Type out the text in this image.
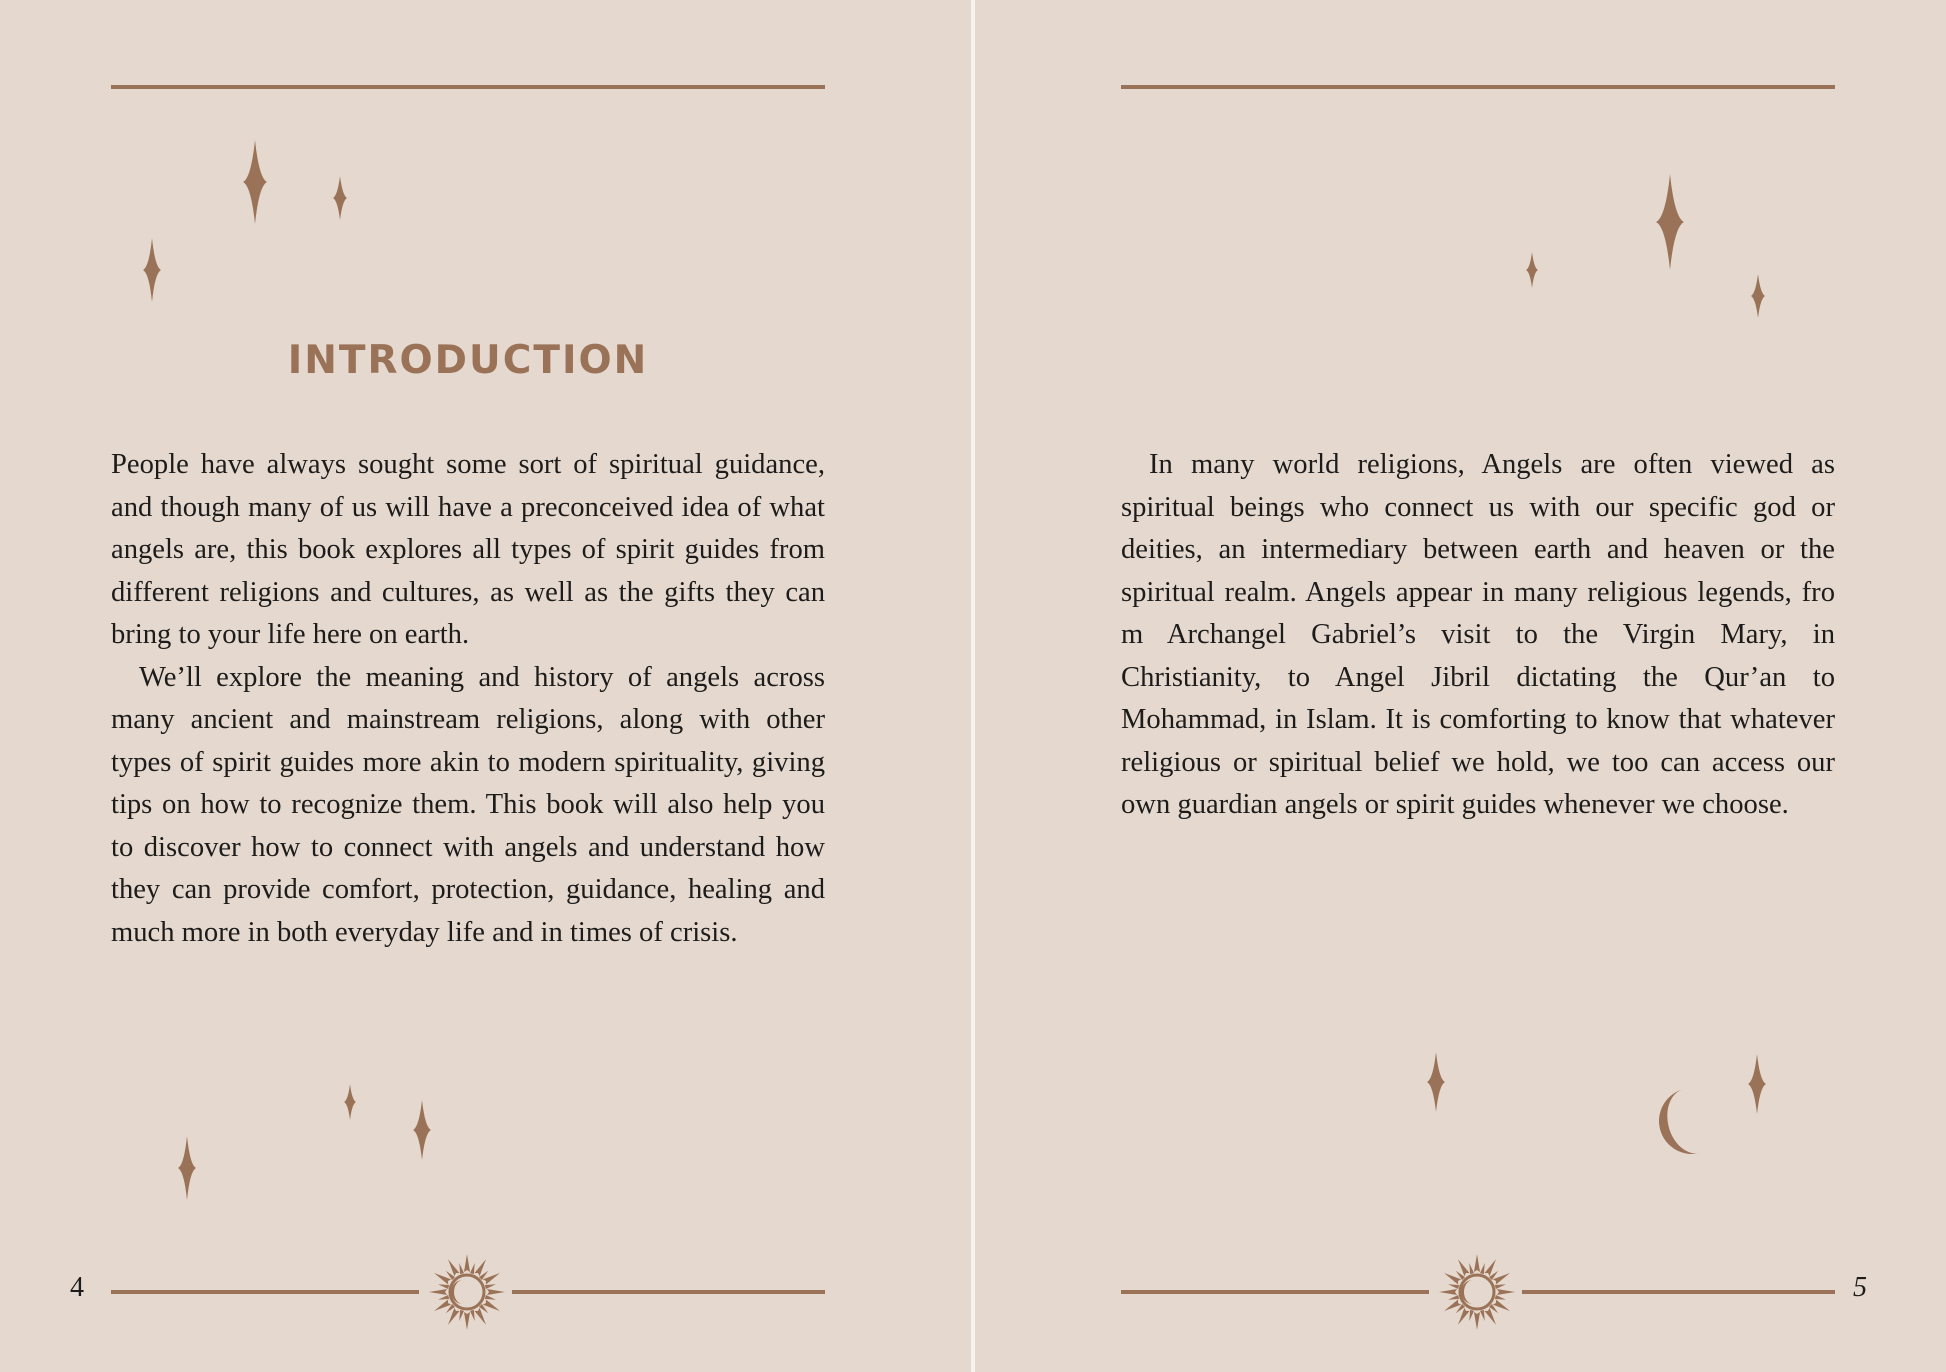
INTRODUCTION

People have always sought some sort of spiritual guidance, and though many of us will have a preconceived idea of what angels are, this book explores all types of spirit guides from different religions and cultures, as well as the gifts they can bring to your life here on earth.

We’ll explore the meaning and history of angels across many ancient and mainstream religions, along with other types of spirit guides more akin to modern spirituality, giving tips on how to recognize them. This book will also help you to discover how to connect with angels and understand how they can provide comfort, protection, guidance, healing and much more in both everyday life and in times of crisis.

4

In many world religions, Angels are often viewed as spiritual beings who connect us with our specific god or deities, an intermediary between earth and heaven or the spiritual realm. Angels appear in many religious legends, fro m Archangel Gabriel’s visit to the Virgin Mary, in Christianity, to Angel Jibril dictating the Qur’an to Mohammad, in Islam. It is comforting to know that whatever religious or spiritual belief we hold, we too can access our own guardian angels or spirit guides whenever we choose.

5
